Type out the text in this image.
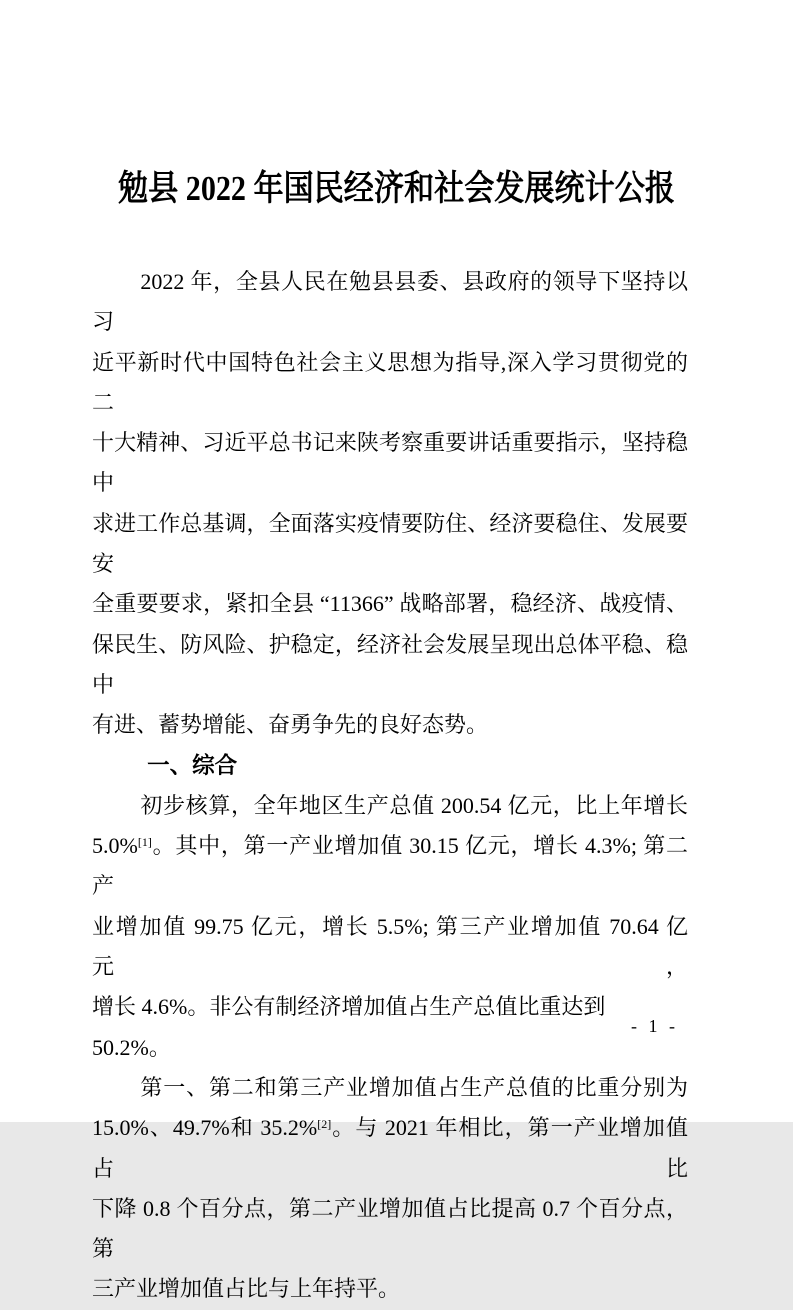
勉县 2022 年国民经济和社会发展统计公报
2022 年，全县人民在勉县县委、县政府的领导下坚持以习
近平新时代中国特色社会主义思想为指导,深入学习贯彻党的二
十大精神、习近平总书记来陕考察重要讲话重要指示，坚持稳中
求进工作总基调，全面落实疫情要防住、经济要稳住、发展要安
全重要要求，紧扣全县 “11366” 战略部署，稳经济、战疫情、
保民生、防风险、护稳定，经济社会发展呈现出总体平稳、稳中
有进、蓄势增能、奋勇争先的良好态势。
一、综合
初步核算，全年地区生产总值 200.54 亿元，比上年增长
5.0%[1]。其中，第一产业增加值 30.15 亿元，增长 4.3%; 第二产
业增加值 99.75 亿元，增长 5.5%; 第三产业增加值 70.64 亿元，
增长 4.6%。非公有制经济增加值占生产总值比重达到 50.2%。
第一、第二和第三产业增加值占生产总值的比重分别为
15.0%、49.7%和 35.2%[2]。与 2021 年相比，第一产业增加值占比
下降 0.8 个百分点，第二产业增加值占比提高 0.7 个百分点，第
三产业增加值占比与上年持平。
- 1 -
